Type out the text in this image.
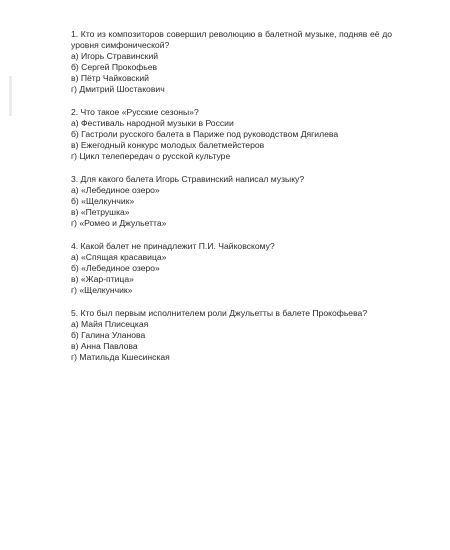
1. Кто из композиторов совершил революцию в балетной музыке, подняв её до уровня симфонической?

а) Игорь Стравинский
б) Сергей Прокофьев
в) Пётр Чайковский
г) Дмитрий Шостакович

2. Что такое «Русские сезоны»?

а) Фестиваль народной музыки в России
б) Гастроли русского балета в Париже под руководством Дягилева
в) Ежегодный конкурс молодых балетмейстеров
г) Цикл телепередач о русской культуре

3. Для какого балета Игорь Стравинский написал музыку?

а) «Лебединое озеро»
б) «Щелкунчик»
в) «Петрушка»
г) «Ромео и Джульетта»

4. Какой балет не принадлежит П.И. Чайковскому?

а) «Спящая красавица»
б) «Лебединое озеро»
в) «Жар-птица»
г) «Щелкунчик»

5. Кто был первым исполнителем роли Джульетты в балете Прокофьева?

а) Майя Плисецкая
б) Галина Уланова
в) Анна Павлова
г) Матильда Кшесинская
